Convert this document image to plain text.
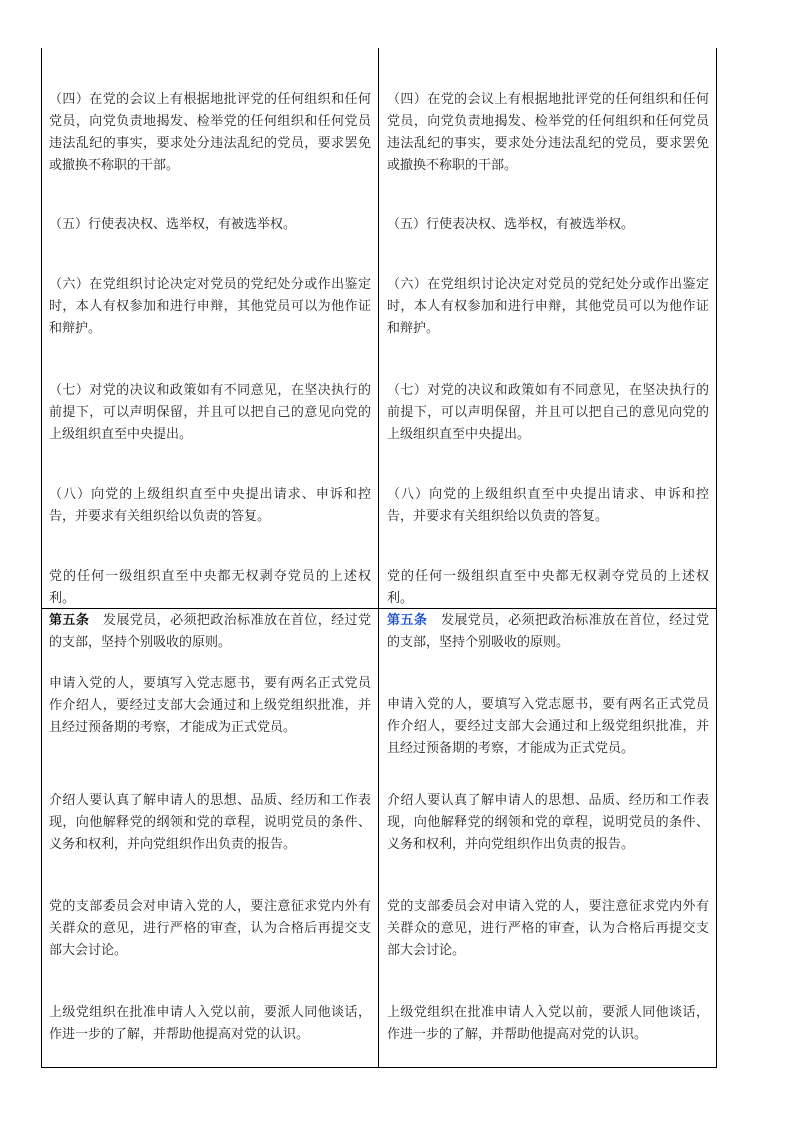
（四）在党的会议上有根据地批评党的任何组织和任何党员，向党负责地揭发、检举党的任何组织和任何党员违法乱纪的事实，要求处分违法乱纪的党员，要求罢免或撤换不称职的干部。

（五）行使表决权、选举权，有被选举权。

（六）在党组织讨论决定对党员的党纪处分或作出鉴定时，本人有权参加和进行申辩，其他党员可以为他作证和辩护。

（七）对党的决议和政策如有不同意见，在坚决执行的前提下，可以声明保留，并且可以把自己的意见向党的上级组织直至中央提出。

（八）向党的上级组织直至中央提出请求、申诉和控告，并要求有关组织给以负责的答复。

党的任何一级组织直至中央都无权剥夺党员的上述权利。

第五条 发展党员，必须把政治标准放在首位，经过党的支部，坚持个别吸收的原则。

申请入党的人，要填写入党志愿书，要有两名正式党员作介绍人，要经过支部大会通过和上级党组织批准，并且经过预备期的考察，才能成为正式党员。

介绍人要认真了解申请人的思想、品质、经历和工作表现，向他解释党的纲领和党的章程，说明党员的条件、义务和权利，并向党组织作出负责的报告。

党的支部委员会对申请入党的人，要注意征求党内外有关群众的意见，进行严格的审查，认为合格后再提交支部大会讨论。

上级党组织在批准申请人入党以前，要派人同他谈话，作进一步的了解，并帮助他提高对党的认识。

（四）在党的会议上有根据地批评党的任何组织和任何党员，向党负责地揭发、检举党的任何组织和任何党员违法乱纪的事实，要求处分违法乱纪的党员，要求罢免或撤换不称职的干部。

（五）行使表决权、选举权，有被选举权。

（六）在党组织讨论决定对党员的党纪处分或作出鉴定时，本人有权参加和进行申辩，其他党员可以为他作证和辩护。

（七）对党的决议和政策如有不同意见，在坚决执行的前提下，可以声明保留，并且可以把自己的意见向党的上级组织直至中央提出。

（八）向党的上级组织直至中央提出请求、申诉和控告，并要求有关组织给以负责的答复。

党的任何一级组织直至中央都无权剥夺党员的上述权利。

第五条 发展党员，必须把政治标准放在首位，经过党的支部，坚持个别吸收的原则。

申请入党的人，要填写入党志愿书，要有两名正式党员作介绍人，要经过支部大会通过和上级党组织批准，并且经过预备期的考察，才能成为正式党员。

介绍人要认真了解申请人的思想、品质、经历和工作表现，向他解释党的纲领和党的章程，说明党员的条件、义务和权利，并向党组织作出负责的报告。

党的支部委员会对申请入党的人，要注意征求党内外有关群众的意见，进行严格的审查，认为合格后再提交支部大会讨论。

上级党组织在批准申请人入党以前，要派人同他谈话，作进一步的了解，并帮助他提高对党的认识。
